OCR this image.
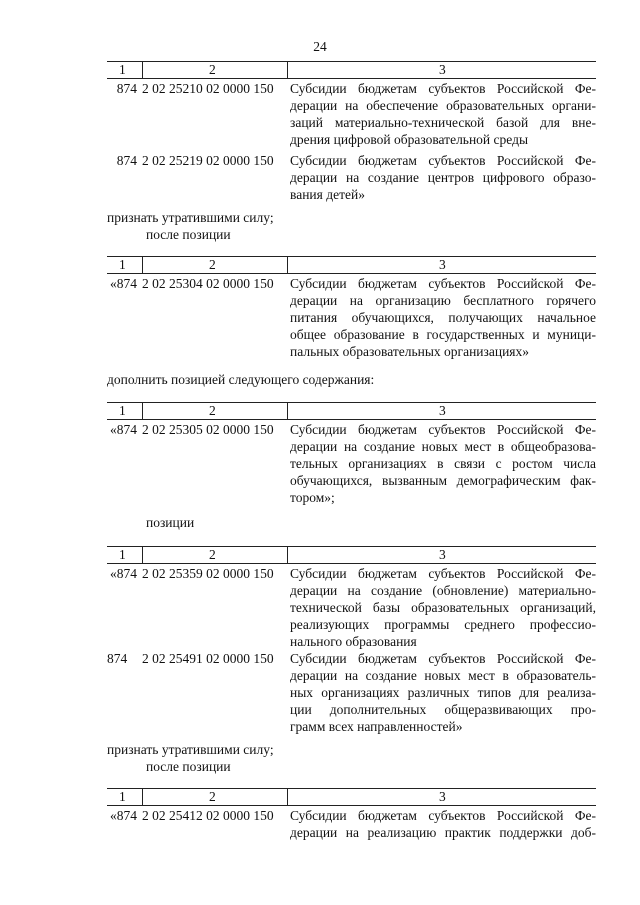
24
1	2	3
874 2 02 25210 02 0000 150 Субсидии бюджетам субъектов Российской Фе-
дерации на обеспечение образовательных органи-
заций материально-технической базой для вне-
дрения цифровой образовательной среды
874 2 02 25219 02 0000 150 Субсидии бюджетам субъектов Российской Фе-
дерации на создание центров цифрового образо-
вания детей»
признать утратившими силу;
после позиции
1	2	3
«874 2 02 25304 02 0000 150 Субсидии бюджетам субъектов Российской Фе-
дерации на организацию бесплатного горячего
питания обучающихся, получающих начальное
общее образование в государственных и муници-
пальных образовательных организациях»
дополнить позицией следующего содержания:
1	2	3
«874 2 02 25305 02 0000 150 Субсидии бюджетам субъектов Российской Фе-
дерации на создание новых мест в общеобразова-
тельных организациях в связи с ростом числа
обучающихся, вызванным демографическим фак-
тором»;
позиции
1	2	3
«874 2 02 25359 02 0000 150 Субсидии бюджетам субъектов Российской Фе-
дерации на создание (обновление) материально-
технической базы образовательных организаций,
реализующих программы среднего профессио-
нального образования
874	2 02 25491 02 0000 150 Субсидии бюджетам субъектов Российской Фе-
дерации на создание новых мест в образователь-
ных организациях различных типов для реализа-
ции дополнительных общеразвивающих про-
грамм всех направленностей»
признать утратившими силу;
после позиции
1	2	3
«874 2 02 25412 02 0000 150 Субсидии бюджетам субъектов Российской Фе-
дерации на реализацию практик поддержки доб-
